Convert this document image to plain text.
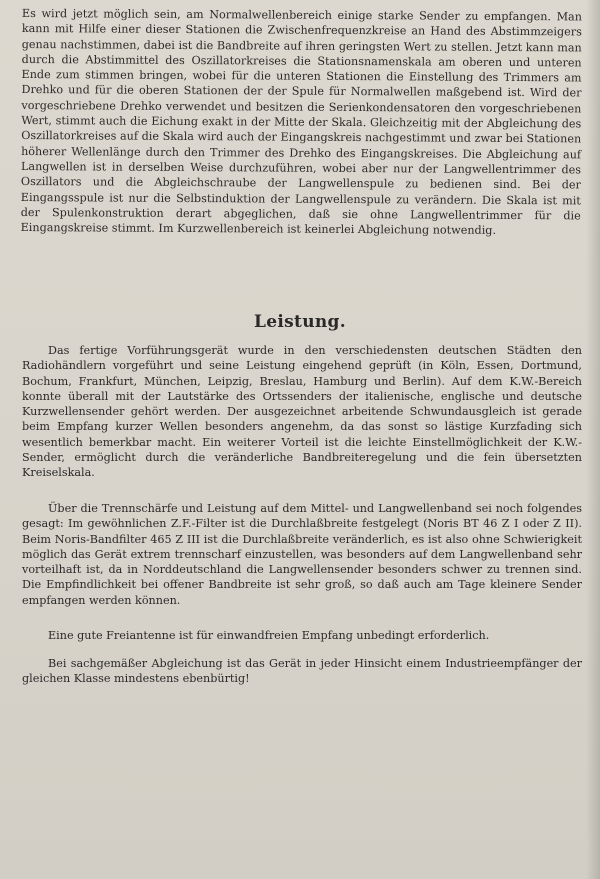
Es wird jetzt möglich sein, am Normalwellenbereich einige starke Sender zu empfangen. Man kann mit Hilfe einer dieser Stationen die Zwischenfrequenzkreise an Hand des Abstimmzeigers genau nachstimmen, dabei ist die Bandbreite auf ihren geringsten Wert zu stellen. Jetzt kann man durch die Abstimmittel des Oszillatorkreises die Stationsnamenskala am oberen und unteren Ende zum stimmen bringen, wobei für die unteren Stationen die Einstellung des Trimmers am Drehko und für die oberen Stationen der der Spule für Normalwellen maßgebend ist. Wird der vorgeschriebene Drehko verwendet und besitzen die Serienkondensatoren den vorgeschriebenen Wert, stimmt auch die Eichung exakt in der Mitte der Skala. Gleichzeitig mit der Abgleichung des Oszillatorkreises auf die Skala wird auch der Eingangskreis nachgestimmt und zwar bei Stationen höherer Wellenlänge durch den Trimmer des Drehko des Eingangskreises. Die Abgleichung auf Langwellen ist in derselben Weise durchzuführen, wobei aber nur der Langwellentrimmer des Oszillators und die Abgleichschraube der Langwellenspule zu bedienen sind. Bei der Eingangsspule ist nur die Selbstinduktion der Langwellenspule zu verändern. Die Skala ist mit der Spulenkonstruktion derart abgeglichen, daß sie ohne Langwellentrimmer für die Eingangskreise stimmt. Im Kurzwellenbereich ist keinerlei Abgleichung notwendig.

Leistung.

Das fertige Vorführungsgerät wurde in den verschiedensten deutschen Städten den Radiohändlern vorgeführt und seine Leistung eingehend geprüft (in Köln, Essen, Dortmund, Bochum, Frankfurt, München, Leipzig, Breslau, Hamburg und Berlin). Auf dem K.W.-Bereich konnte überall mit der Lautstärke des Ortssenders der italienische, englische und deutsche Kurzwellensender gehört werden. Der ausgezeichnet arbeitende Schwundausgleich ist gerade beim Empfang kurzer Wellen besonders angenehm, da das sonst so lästige Kurzfading sich wesentlich bemerkbar macht. Ein weiterer Vorteil ist die leichte Einstellmöglichkeit der K.W.-Sender, ermöglicht durch die veränderliche Bandbreiteregelung und die fein übersetzten Kreiselskala.

Über die Trennschärfe und Leistung auf dem Mittel- und Langwellenband sei noch folgendes gesagt: Im gewöhnlichen Z.F.-Filter ist die Durchlaßbreite festgelegt (Noris BT 46 Z I oder Z II). Beim Noris-Bandfilter 465 Z III ist die Durchlaßbreite veränderlich, es ist also ohne Schwierigkeit möglich das Gerät extrem trennscharf einzustellen, was besonders auf dem Langwellenband sehr vorteilhaft ist, da in Norddeutschland die Langwellensender besonders schwer zu trennen sind. Die Empfindlichkeit bei offener Bandbreite ist sehr groß, so daß auch am Tage kleinere Sender empfangen werden können.

Eine gute Freiantenne ist für einwandfreien Empfang unbedingt erforderlich.

Bei sachgemäßer Abgleichung ist das Gerät in jeder Hinsicht einem Industrieempfänger der gleichen Klasse mindestens ebenbürtig!
